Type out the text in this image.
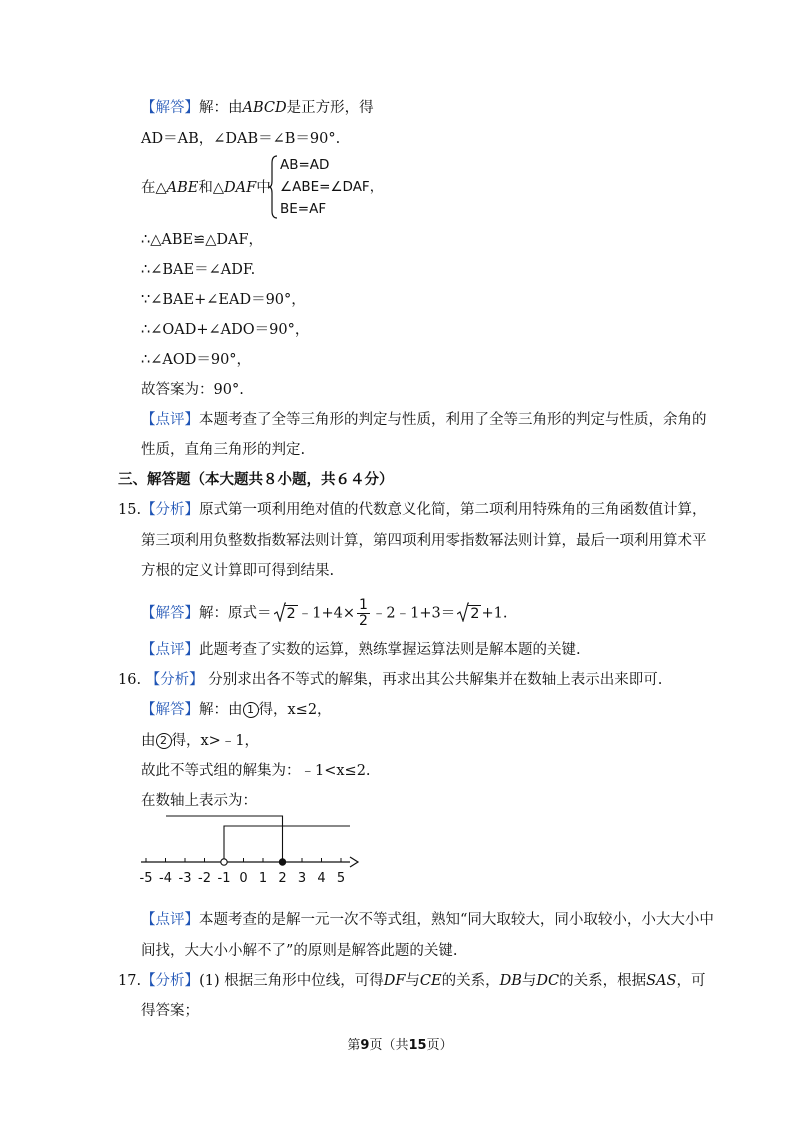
【解答】解：由ABCD是正方形，得
AD＝AB，∠DAB＝∠B＝90°.
在△ABE和△DAF中
AB=AD
∠ABE=∠DAF，
BE=AF
∴△ABE≌△DAF，
∴∠BAE＝∠ADF.
∵∠BAE+∠EAD＝90°，
∴∠OAD+∠ADO＝90°，
∴∠AOD＝90°，
故答案为：90°.
【点评】本题考查了全等三角形的判定与性质，利用了全等三角形的判定与性质，余角的
性质，直角三角形的判定.
三、解答题（本大题共８小题，共６４分）
15.【分析】原式第一项利用绝对值的代数意义化简，第二项利用特殊角的三角函数值计算，
第三项利用负整数指数幂法则计算，第四项利用零指数幂法则计算，最后一项利用算术平
方根的定义计算即可得到结果.
【解答】解：原式＝ 2 ﹣1+4× $\frac{1}{2}$ ﹣2﹣1+3＝ 2 +1.
【点评】此题考查了实数的运算，熟练掌握运算法则是解本题的关键.
16. 【分析】 分别求出各不等式的解集，再求出其公共解集并在数轴上表示出来即可.
【解答】解：由 1 得，x≤2，
由 2 得，x>﹣1，
故此不等式组的解集为：﹣1<x≤2.
在数轴上表示为：
-5 -4 -3 -2 -1 0 1 2 3 4 5
【点评】本题考查的是解一元一次不等式组，熟知“同大取较大，同小取较小，小大大小中
间找，大大小小解不了”的原则是解答此题的关键.
17.【分析】(1) 根据三角形中位线，可得DF与CE的关系，DB与DC的关系，根据SAS，可
得答案；
第9页（共15页）
